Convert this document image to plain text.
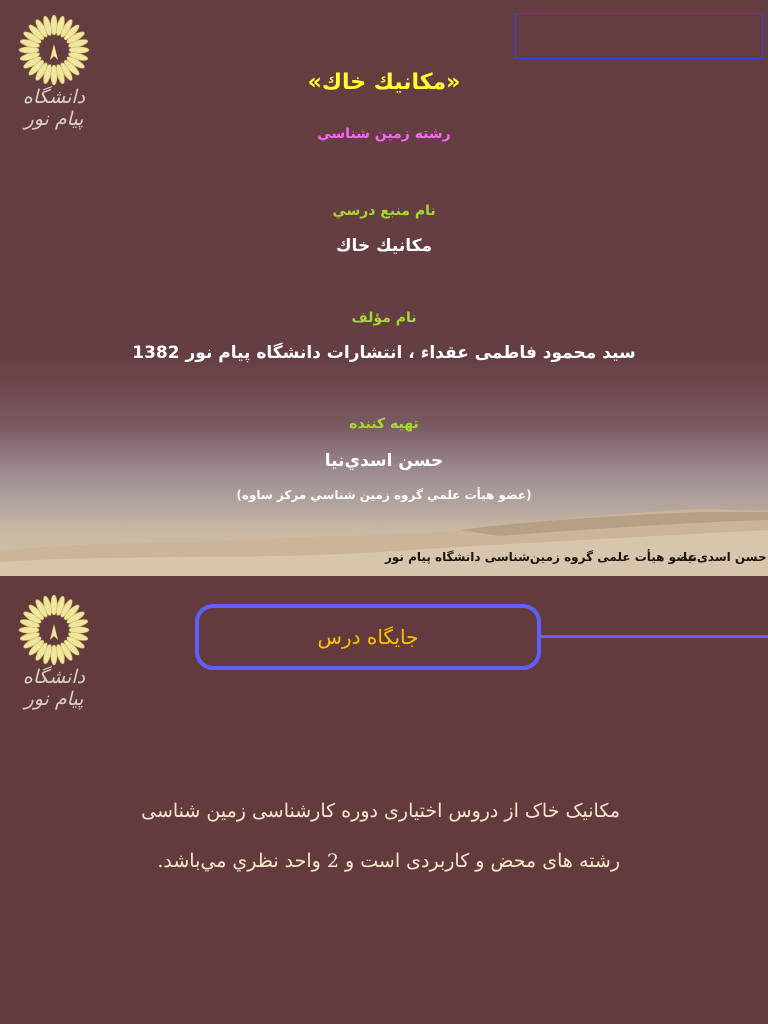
دانشگاه پیام نور
«مكانيك خاك»
رشته زمين شناسي
نام منبع درسي
مكانيك خاك
نام مؤلف
سيد محمود فاطمی عقداء ، انتشارات دانشگاه پيام نور 1382
تهيه كننده
حسن اسدي‌نيا
(عضو هيأت علمي گروه زمين شناسي مركز ساوه)
عضو هیأت علمی گروه زمین‌شناسی دانشگاه پیام نور
حسن اسدی‌نیا
دانشگاه پیام نور
جايگاه درس
مکانیک خاک از دروس اختیاری دوره کارشناسی زمین شناسی
رشته های محض و کاربردی است و 2 واحد نظري مي‌باشد.
